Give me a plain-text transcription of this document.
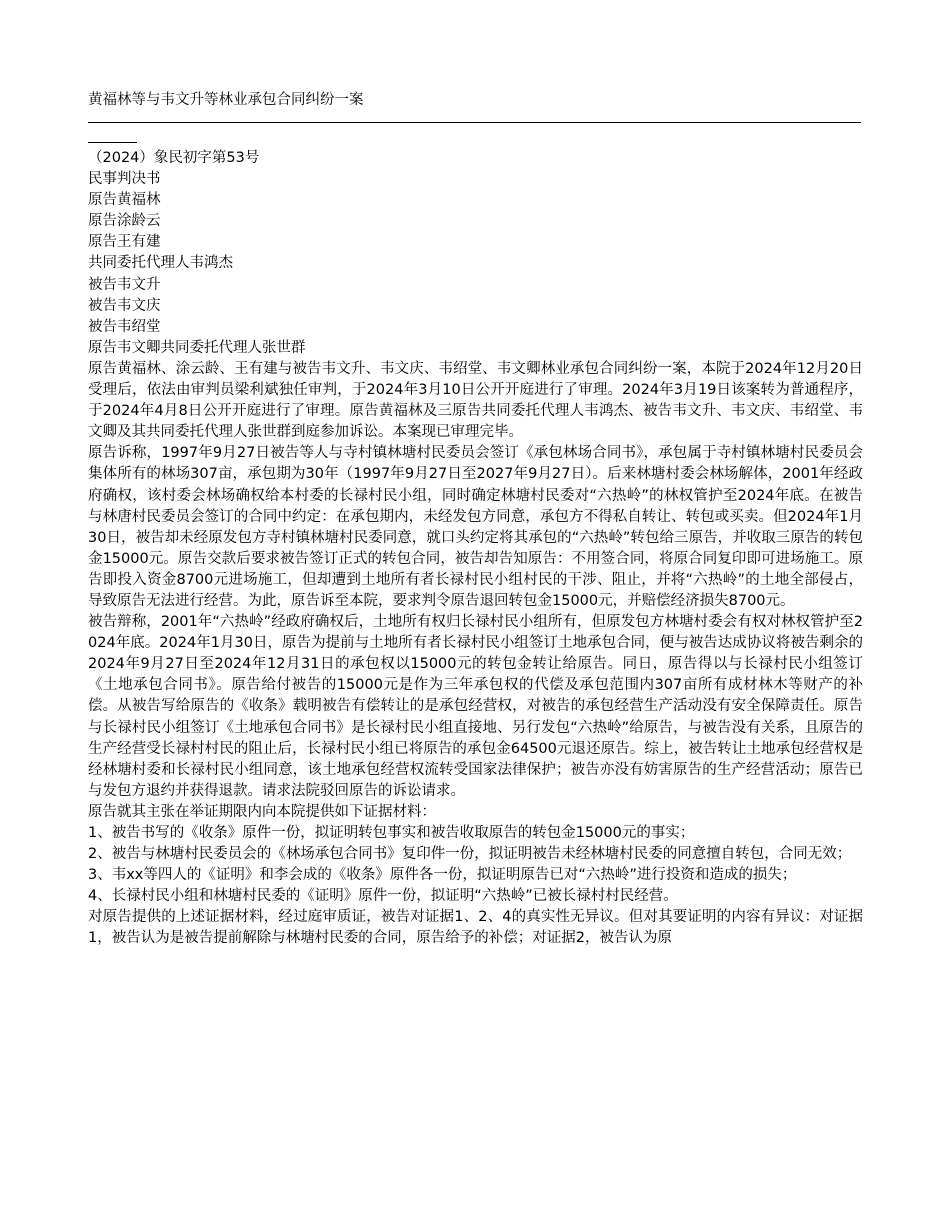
黄福林等与韦文升等林业承包合同纠纷一案
（2024）象民初字第53号
民事判决书
原告黄福林
原告涂龄云
原告王有建
共同委托代理人韦鸿杰
被告韦文升
被告韦文庆
被告韦绍堂
原告韦文卿共同委托代理人张世群

原告黄福林、涂云龄、王有建与被告韦文升、韦文庆、韦绍堂、韦文卿林业承包合同纠纷一案，本院于2024年12月20日受理后，依法由审判员梁利斌独任审判，于2024年3月10日公开开庭进行了审理。2024年3月19日该案转为普通程序，于2024年4月8日公开开庭进行了审理。原告黄福林及三原告共同委托代理人韦鸿杰、被告韦文升、韦文庆、韦绍堂、韦文卿及其共同委托代理人张世群到庭参加诉讼。本案现已审理完毕。

原告诉称，1997年9月27日被告等人与寺村镇林塘村民委员会签订《承包林场合同书》，承包属于寺村镇林塘村民委员会集体所有的林场307亩，承包期为30年（1997年9月27日至2027年9月27日）。后来林塘村委会林场解体，2001年经政府确权，该村委会林场确权给本村委的长禄村民小组，同时确定林塘村民委对“六热岭”的林权管护至2024年底。在被告与林唐村民委员会签订的合同中约定：在承包期内，未经发包方同意，承包方不得私自转让、转包或买卖。但2024年1月30日，被告却未经原发包方寺村镇林塘村民委同意，就口头约定将其承包的“六热岭”转包给三原告，并收取三原告的转包金15000元。原告交款后要求被告签订正式的转包合同，被告却告知原告：不用签合同，将原合同复印即可进场施工。原告即投入资金8700元进场施工，但却遭到土地所有者长禄村民小组村民的干涉、阻止，并将“六热岭”的土地全部侵占，导致原告无法进行经营。为此，原告诉至本院，要求判令原告退回转包金15000元，并赔偿经济损失8700元。

被告辩称，2001年“六热岭”经政府确权后，土地所有权归长禄村民小组所有，但原发包方林塘村委会有权对林权管护至2024年底。2024年1月30日，原告为提前与土地所有者长禄村民小组签订土地承包合同，便与被告达成协议将被告剩余的2024年9月27日至2024年12月31日的承包权以15000元的转包金转让给原告。同日，原告得以与长禄村民小组签订《土地承包合同书》。原告给付被告的15000元是作为三年承包权的代偿及承包范围内307亩所有成材林木等财产的补偿。从被告写给原告的《收条》载明被告有偿转让的是承包经营权，对被告的承包经营生产活动没有安全保障责任。原告与长禄村民小组签订《土地承包合同书》是长禄村民小组直接地、另行发包“六热岭”给原告，与被告没有关系，且原告的生产经营受长禄村村民的阻止后，长禄村民小组已将原告的承包金64500元退还原告。综上，被告转让土地承包经营权是经林塘村委和长禄村民小组同意，该土地承包经营权流转受国家法律保护；被告亦没有妨害原告的生产经营活动；原告已与发包方退约并获得退款。请求法院驳回原告的诉讼请求。

原告就其主张在举证期限内向本院提供如下证据材料：

1、被告书写的《收条》原件一份，拟证明转包事实和被告收取原告的转包金15000元的事实；

2、被告与林塘村民委员会的《林场承包合同书》复印件一份，拟证明被告未经林塘村民委的同意擅自转包，合同无效；

3、韦xx等四人的《证明》和李会成的《收条》原件各一份，拟证明原告已对“六热岭”进行投资和造成的损失；

4、长禄村民小组和林塘村民委的《证明》原件一份，拟证明“六热岭”已被长禄村村民经营。

对原告提供的上述证据材料，经过庭审质证，被告对证据1、2、4的真实性无异议。但对其要证明的内容有异议：对证据1，被告认为是被告提前解除与林塘村民委的合同，原告给予的补偿；对证据2，被告认为原
